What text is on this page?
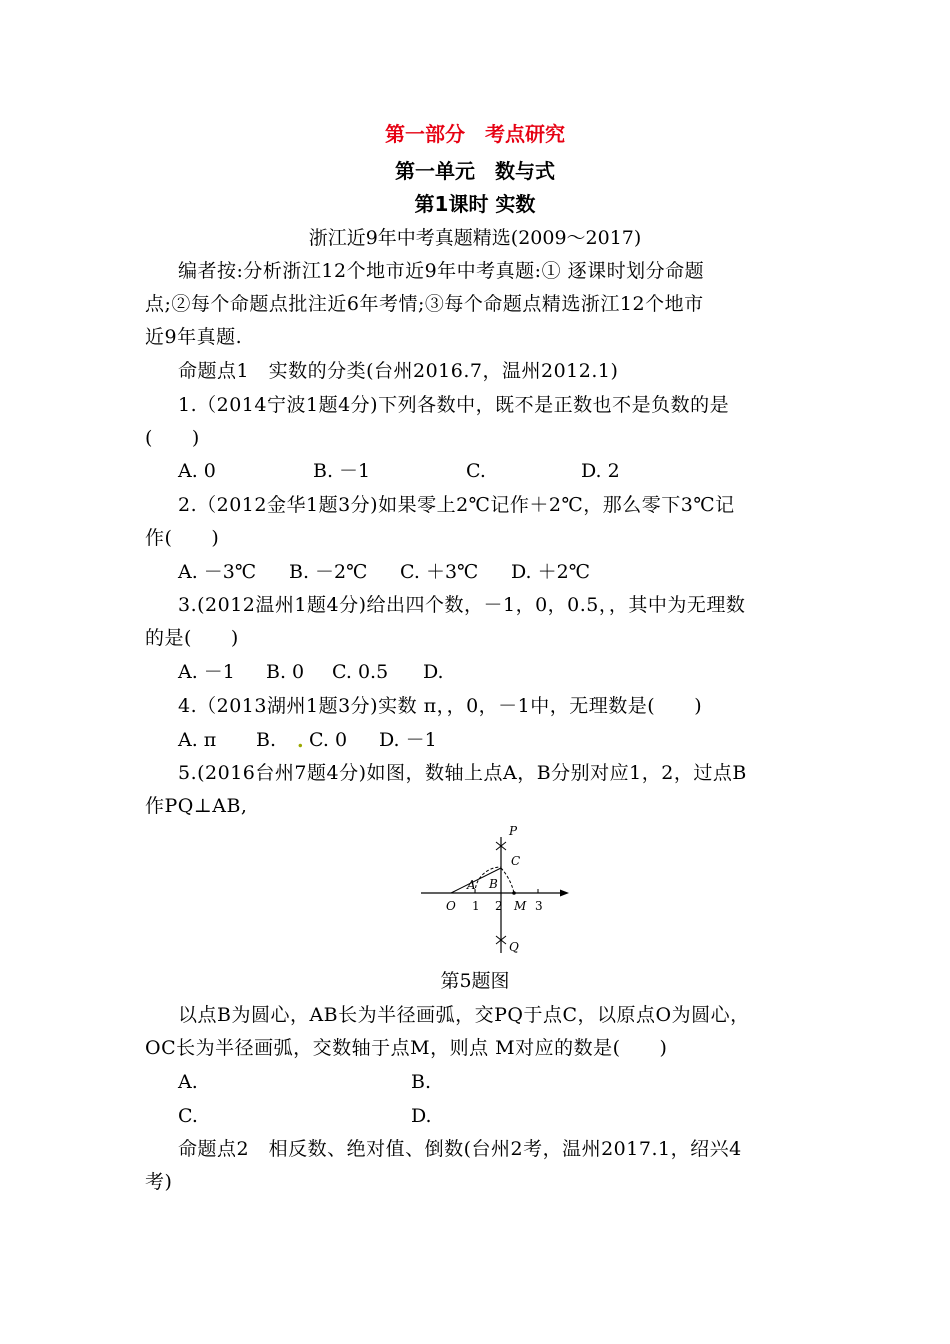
第一部分　考点研究
第一单元　数与式
第1课时 实数
浙江近9年中考真题精选(2009～2017)
编者按:分析浙江12个地市近9年中考真题:① 逐课时划分命题
点;②每个命题点批注近6年考情;③每个命题点精选浙江12个地市
近9年真题.
命题点1　实数的分类(台州2016.7，温州2012.1)
1.（2014宁波1题4分)下列各数中，既不是正数也不是负数的是
(　　)
A. 0	B. －1	C.	D. 2
2.（2012金华1题3分)如果零上2℃记作＋2℃，那么零下3℃记
作(　　)
A. －3℃ B. －2℃ C. ＋3℃ D. ＋2℃
3.(2012温州1题4分)给出四个数，－1，0，0.5，，其中为无理数
的是(　　)
A. －1 B. 0 C. 0.5 D.
4.（2013湖州1题3分)实数 π，，0，－1中，无理数是(　　)
A. π B. . C. 0 D. －1
5.(2016台州7题4分)如图，数轴上点A，B分别对应1，2，过点B
作PQ⊥AB,
P
C
A B
O 1 2 M 3
Q
第5题图
以点B为圆心，AB长为半径画弧，交PQ于点C，以原点O为圆心，
OC长为半径画弧，交数轴于点M，则点 M对应的数是(　　)
A.	B.
C.	D.
命题点2　相反数、绝对值、倒数(台州2考，温州2017.1，绍兴4
考)
